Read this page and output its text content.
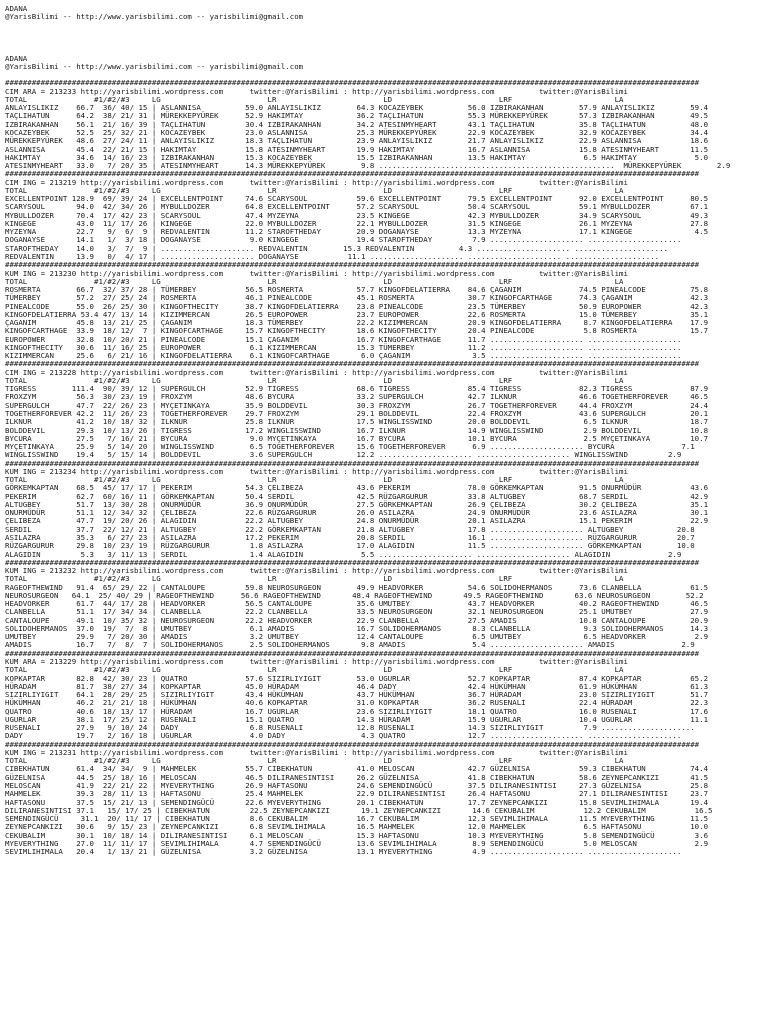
ADANA
@YarisBilimi -- http://www.yarisbilimi.com -- yarisbilimi@gmail.com

ADANA
@YarisBilimi -- http://www.yarisbilimi.com -- yarisbilimi@gmail.com

############################################################################################################################################################
CIM ARA = 213233 http://yarisbilimi.wordpress.com      twitter:@YarisBilimi : http://yarisbilimi.wordpress.com          twitter:@YarisBilimi
TOTAL               #1/#2/#3     LG                        LR                        LD                        LRF                       LA
ANLAYISLIKIZ    66.7  36/ 40/ 15 | ASLANNISA          59.0 ANLAYISLIKIZ        64.3 KOCAZEYBEK          56.0 IZBIRAKANHAN        57.9 ANLAYISLIKIZ        59.4
TAÇLIHATUN      64.2  38/ 21/ 31 | MÜREKKEPYÜREK      52.9 HAKIMTAY            36.2 TAÇLIHATUN          55.3 MÜREKKEPYÜREK       57.3 IZBIRAKANHAN        49.5
IZBIRAKANHAN    56.1  21/ 16/ 39 | TAÇLIHATUN         30.4 IZBIRAKANHAN        34.2 ATESINMYHEART       43.1 TAÇLIHATUN          35.8 TAÇLIHATUN          48.0
KOCAZEYBEK      52.5  25/ 32/ 21 | KOCAZEYBEK         23.0 ASLANNISA           25.3 MÜREKKEPYÜREK       22.9 KOCAZEYBEK          32.9 KOCAZEYBEK          34.4
MÜREKKEPYÜREK   48.6  27/ 24/ 11 | ANLAYISLIKIZ       18.3 TAÇLIHATUN          23.9 ANLAYISLIKIZ        21.7 ANLAYISLIKIZ        22.9 ASLANNISA           18.6
ASLANNISA       45.4  22/ 21/ 15 | HAKIMTAY           15.8 ATESINMYHEART       19.9 HAKIMTAY            16.7 ASLANNISA           15.8 ATESINMYHEART       11.5
HAKIMTAY        34.6  14/ 16/ 23 | IZBIRAKANHAN       15.3 KOCAZEYBEK          15.5 IZBIRAKANHAN        13.5 HAKIMTAY             6.5 HAKIMTAY             5.0
ATESINMYHEART   33.0   7/ 20/ 35 | ATESINMYHEART      14.3 MÜREKKEPYÜREK        9.8 .....................................................  MÜREKKEPYÜREK        2.9
############################################################################################################################################################
CIM ING = 213219 http://yarisbilimi.wordpress.com      twitter:@YarisBilimi : http://yarisbilimi.wordpress.com          twitter:@YarisBilimi
TOTAL               #1/#2/#3     LG                        LR                        LD                        LRF                       LA
EXCELLENTPOINT 128.9  69/ 39/ 24 | EXCELLENTPOINT     74.6 SCARYSOUL           59.6 EXCELLENTPOINT      79.5 EXCELLENTPOINT      92.0 EXCELLENTPOINT      80.5
SCARYSOUL       94.0  42/ 34/ 26 | MYBULLDOZER        64.8 EXCELLENTPOINT      57.2 SCARYSOUL           50.4 SCARYSOUL           59.1 MYBULLDOZER         67.1
MYBULLDOZER     70.4  17/ 42/ 23 | SCARYSOUL          47.4 MYZEYNA             23.5 KINGEGE             42.3 MYBULLDOZER         34.9 SCARYSOUL           49.3
KINGEGE         43.0  11/ 17/ 26 | KINGEGE            22.0 MYBULLDOZER         22.1 MYBULLDOZER         31.5 KINGEGE             26.1 MYZEYNA             27.8
MYZEYNA         22.7   9/  6/  9 | REDVALENTIN        11.2 STAROFTHEDAY        20.9 DOGANAYSE           13.3 MYZEYNA             17.1 KINGEGE              4.5
DOGANAYSE       14.1   1/  3/ 18 | DOGANAYSE           9.0 KINGEGE             19.4 STAROFTHEDAY         7.9 ..................... .....................
STAROFTHEDAY    14.0   3/  7/  9 | ..................... REDVALENTIN        15.3 REDVALENTIN          4.3 ..................... .....................
REDVALENTIN     13.9   0/  4/ 17 | ..................... DOGANAYSE           11.1 ..................... ..................... .....................
############################################################################################################################################################
KUM ING = 213230 http://yarisbilimi.wordpress.com      twitter:@YarisBilimi : http://yarisbilimi.wordpress.com          twitter:@YarisBilimi
TOTAL               #1/#2/#3     LG                        LR                        LD                        LRF                       LA
ROSMERTA        66.7  32/ 37/ 28 | TÜMERBEY           56.5 ROSMERTA            57.7 KINGOFDELATIERRA    84.6 ÇAGANIM             74.5 PINEALCODE          75.8
TÜMERBEY        57.2  27/ 25/ 24 | ROSMERTA           46.1 PINEALCODE          45.1 ROSMERTA            30.7 KINGOFCARTHAGE      74.3 ÇAGANIM             42.3
PINEALCODE      55.0  26/ 25/ 30 | KINGOFTHECITY      38.7 KINGOFDELATIERRA    23.8 PINEALCODE          23.5 TÜMERBEY            50.9 EUROPOWER           42.3
KINGOFDELATIERRA 53.4 47/ 13/ 14 | KIZIMMERCAN        26.5 EUROPOWER           23.7 EUROPOWER           22.6 ROSMERTA            15.0 TÜMERBEY            35.1
ÇAGANIM         45.8  13/ 21/ 25 | ÇAGANIM            18.3 TÜMERBEY            22.2 KIZIMMERCAN         20.9 KINGOFDELATIERRA     8.7 KINGOFDELATIERRA    17.9
KINGOFCARTHAGE  33.9  18/ 12/  7 | KINGOFCARTHAGE     15.7 KINGOFTHECITY       18.6 KINGOFTHECITY       20.4 PINEALCODE           5.8 ROSMERTA            15.7
EUROPOWER       32.8  10/ 20/ 21 | PINEALCODE         15.1 ÇAGANIM             16.7 KINGOFCARTHAGE      11.7 ..................... .....................
KINGOFTHECITY   30.6  11/ 16/ 25 | EUROPOWER           6.1 KIZIMMERCAN         15.3 TÜMERBEY            11.2 ..................... .....................
KIZIMMERCAN     25.6   6/ 21/ 16 | KINGOFDELATIERRA    6.1 KINGOFCARTHAGE       6.0 ÇAGANIM              3.5 ..................... .....................
############################################################################################################################################################
CIM ING = 213228 http://yarisbilimi.wordpress.com      twitter:@YarisBilimi : http://yarisbilimi.wordpress.com          twitter:@YarisBilimi
TOTAL               #1/#2/#3     LG                        LR                        LD                        LRF                       LA
TIGRESS        111.4  90/ 39/ 12 | SUPERGULCH         52.9 TIGRESS             68.6 TIGRESS             85.4 TIGRESS             82.3 TIGRESS             87.9
FROXZYM         56.3  30/ 23/ 19 | FROXZYM            48.6 BYCURA              33.2 SUPERGULCH          42.7 ILKNUR              46.6 TOGETHERFOREVER     46.5
SUPERGULCH      47.7  22/ 26/ 23 | MYÇETINKAYA        35.9 BOLDDEVIL           30.3 FROXZYM             26.7 TOGETHERFOREVER     44.4 FROXZYM             24.4
TOGETHERFOREVER 42.2  11/ 26/ 23 | TOGETHERFOREVER    29.7 FROXZYM             29.1 BOLDDEVIL           22.4 FROXZYM             43.6 SUPERGULCH          20.1
ILKNUR          41.2  10/ 18/ 32 | ILKNUR             25.8 ILKNUR              17.5 WINGLISSWIND        20.0 BOLDDEVIL            6.5 ILKNUR              18.7
BOLDDEVIL       29.3  10/ 13/ 26 | TIGRESS            17.2 WINGLISSWIND        16.7 ILKNUR              14.9 WINGLISSWIND         2.9 BOLDDEVIL           10.8
BYCURA          27.5   7/ 16/ 21 | BYCURA              9.0 MYÇETINKAYA         16.7 BYCURA              10.1 BYCURA               2.5 MYÇETINKAYA         10.7
MYÇETINKAYA     25.9   5/ 14/ 20 | WINGLISSWIND        6.5 TOGETHERFOREVER     15.6 TOGETHERFOREVER      6.9 ..................... BYCURA               7.1
WINGLISSWIND    19.4   5/ 15/ 14 | BOLDDEVIL           3.6 SUPERGULCH          12.2 ..................... ..................... WINGLISSWIND         2.9
############################################################################################################################################################
KUM ING = 213234 http://yarisbilimi.wordpress.com      twitter:@YarisBilimi : http://yarisbilimi.wordpress.com          twitter:@YarisBilimi
TOTAL               #1/#2/#3     LG                        LR                        LD                        LRF                       LA
GÖRKEMKAPTAN    68.5  45/ 17/ 17 | PEKERIM            54.3 ÇELIBEZA            43.6 PEKERIM             78.0 GÖRKEMKAPTAN        91.5 ONURMÜDÜR           43.6
PEKERIM         62.7  60/ 16/ 11 | GÖRKEMKAPTAN       50.4 SERDIL              42.5 RÜZGARGURUR         33.8 ALTUGBEY            68.7 SERDIL              42.9
ALTUGBEY        51.7  13/ 30/ 28 | ONURMÜDÜR          36.9 ONURMÜDÜR           27.5 GÖRKEMKAPTAN        26.9 ÇELIBEZA            30.2 ÇELIBEZA            35.1
ONURMÜDÜR       51.1  12/ 34/ 32 | ÇELIBEZA           22.6 RÜZGARGURUR         26.0 ASILAZRA            24.9 ONURMÜDÜR           23.6 ASILAZRA            30.1
ÇELIBEZA        47.7  19/ 20/ 26 | ALAGIDIN           22.2 ALTUGBEY            24.8 ONURMÜDÜR           20.1 ASILAZRA            15.1 PEKERIM             22.9
SERDIL          37.7  22/ 12/ 21 | ALTUGBEY           22.2 GÖRKEMKAPTAN        21.8 ALTUGBEY            17.8 ..................... ALTUGBEY            20.8
ASILAZRA        35.3   6/ 27/ 23 | ASILAZRA           17.2 PEKERIM             20.8 SERDIL              16.1 ..................... RÜZGARGURUR         20.7
RÜZGARGURUR     29.8  10/ 23/ 19 | RÜZGARGURUR         1.8 ASILAZRA            17.0 ALAGIDIN            11.5 ..................... GÖRKEMKAPTAN        10.0
ALAGIDIN         5.3   3/ 11/ 13 | SERDIL              1.4 ALAGIDIN             5.5 ..................... ..................... ALAGIDIN             2.9
############################################################################################################################################################
KUM ING = 213232 http://yarisbilimi.wordpress.com      twitter:@YarisBilimi : http://yarisbilimi.wordpress.com          twitter:@YarisBilimi
TOTAL               #1/#2/#3     LG                        LR                        LD                        LRF                       LA
RAGEOFTHEWIND   91.4  65/ 29/ 22 | CANTALOUPE         59.8 NEUROSURGEON        49.9 HEADVORKER          54.6 SOLIDOHERMANOS      73.6 CLANBELLA           61.5
NEUROSURGEON   64.1  25/ 40/ 29 | RAGEOFTHEWIND      56.6 RAGEOFTHEWIND       48.4 RAGEOFTHEWIND       49.5 RAGEOFTHEWIND       63.6 NEUROSURGEON        52.2
HEADVORKER      61.7  44/ 17/ 28 | HEADVORKER         56.5 CANTALOUPE          35.6 UMUTBEY             43.7 HEADVORKER          40.2 RAGEOFTHEWIND       46.5
CLANBELLA       51.1  17/ 34/ 34 | CLANBELLA          22.2 CLANBELLA           33.5 NEUROSURGEON        32.1 NEUROSURGEON        25.1 UMUTBEY             27.9
CANTALOUPE      49.1  10/ 35/ 32 | NEUROSURGEON       22.2 HEADVORKER          22.9 CLANBELLA           27.5 AMADIS              10.8 CANTALOUPE          20.9
SOLIDOHERMANOS  37.0  19/  7/  8 | UMUTBEY             6.1 AMADIS              16.7 SOLIDOHERMANOS       8.3 CLANBELLA            9.3 SOLIDOHERMANOS      14.3
UMUTBEY         29.9   7/ 20/ 30 | AMADIS              3.2 UMUTBEY             12.4 CANTALOUPE           6.5 UMUTBEY              6.5 HEADVORKER           2.9
AMADIS          16.7   7/  8/  7 | SOLIDOHERMANOS      2.5 SOLIDOHERMANOS       9.8 AMADIS               5.4 ..................... AMADIS               2.9
############################################################################################################################################################
KUM ARA = 213229 http://yarisbilimi.wordpress.com      twitter:@YarisBilimi : http://yarisbilimi.wordpress.com          twitter:@YarisBilimi
TOTAL               #1/#2/#3     LG                        LR                        LD                        LRF                       LA
KOPKAPTAR       82.8  42/ 30/ 23 | QUATRO             57.6 SIZIRLIYIGIT        53.0 UGURLAR             52.7 KOPKAPTAR           87.4 KOPKAPTAR           65.2
HÜRADAM         81.7  38/ 27/ 34 | KOPKAPTAR          45.0 HÜRADAM             46.4 DADY                42.4 HÜKÜMHAN            61.9 HÜKÜMHAN            61.3
SIZIRLIYIGIT    64.1  28/ 29/ 25 | SIZIRLIYIGIT       43.4 HÜKÜMHAN            43.7 HÜKÜMHAN            36.7 HÜRADAM             23.0 SIZIRLIYIGIT        51.7
HÜKÜMHAN        46.2  21/ 21/ 18 | HÜKÜMHAN           40.6 KOPKAPTAR           31.0 KOPKAPTAR           36.2 RUSENALI            22.4 HÜRADAM             22.3
QUATRO          40.6  18/ 13/ 17 | HÜRADAM            16.7 UGURLAR             23.6 SIZIRLIYIGIT        18.1 QUATRO              16.0 RUSENALI            17.6
UGURLAR         38.1  17/ 25/ 12 | RUSENALI           15.1 QUATRO              14.3 HÜRADAM             15.9 UGURLAR             10.4 UGURLAR             11.1
RUSENALI        27.9   9/ 10/ 24 | DADY                6.8 RUSENALI            12.8 RUSENALI            14.3 SIZIRLIYIGIT         7.9 .....................
DADY            19.7   2/ 16/ 18 | UGURLAR             4.0 DADY                 4.3 QUATRO              12.7 ..................... .....................
############################################################################################################################################################
KUM ING = 213231 http://yarisbilimi.wordpress.com      twitter:@YarisBilimi : http://yarisbilimi.wordpress.com          twitter:@YarisBilimi
TOTAL               #1/#2/#3     LG                        LR                        LD                        LRF                       LA
CIBEKHATUN      61.4  34/ 34/  9 | MAHMELEK           55.7 CIBEKHATUN          41.0 MELOSCAN            42.7 GÜZELNISA           59.3 CIBEKHATUN          74.4
GÜZELNISA       44.5  25/ 18/ 16 | MELOSCAN           46.5 DILIRANESINTISI     26.2 GÜZELNISA           41.8 CIBEKHATUN          58.6 ZEYNEPCANKIZI       41.5
MELOSCAN        41.9  22/ 21/ 22 | MYEVERYTHING       26.9 HAFTASONU           24.6 SEMENDINGÜCÜ        37.5 DILIRANESINTISI     27.3 GÜZELNISA           25.8
MAHMELEK        39.3  28/ 11/ 13 | HAFTASONU          25.4 MAHMELEK            22.9 DILIRANESINTISI     26.4 HAFTASONU           27.1 DILIRANESINTISI     23.7
HAFTASONU       37.5  15/ 21/ 13 | SEMENDINGÜCÜ       22.6 MYEVERYTHING        20.1 CIBEKHATUN          17.7 ZEYNEPCANKIZI       15.8 SEVIMLIHIMALA       19.4
DILIRANESINTISI 37.1   15/ 17/ 25 | CIBEKHATUN         22.5 ZEYNEPCANKIZI       19.1 ZEYNEPCANKIZI       14.6 CEKUBALIM           12.2 CEKUBALIM           16.5
SEMENDINGÜCÜ     31.1  20/ 11/ 17 | CIBEKHATUN         8.6 CEKUBALIM           16.7 CEKUBALIM           12.3 SEVIMLIHIMALA       11.5 MYEVERYTHING        11.5
ZEYNEPCANKIZI   30.6   9/ 15/ 23 | ZEYNEPCANKIZI       6.8 SEVIMLIHIMALA       16.5 MAHMELEK            12.0 MAHMELEK             6.5 HAFTASONU           10.0
CEKUBALIM       30.1  10/ 18/ 14 | DILIRANESINTISI     6.1 MELOSCAN            15.3 HAFTASONU           10.3 MYEVERYTHING         5.8 SEMENDINGÜCÜ         3.6
MYEVERYTHING    27.0  11/ 11/ 17 | SEVIMLIHIMALA       4.7 SEMENDINGÜCÜ        13.6 SEVIMLIHIMALA        8.9 SEMENDINGÜCÜ         5.0 MELOSCAN             2.9
SEVIMLIHIMALA   20.4   1/ 13/ 21 | GÜZELNISA           3.2 GÜZELNISA           13.1 MYEVERYTHING         4.9 ..................... .....................
